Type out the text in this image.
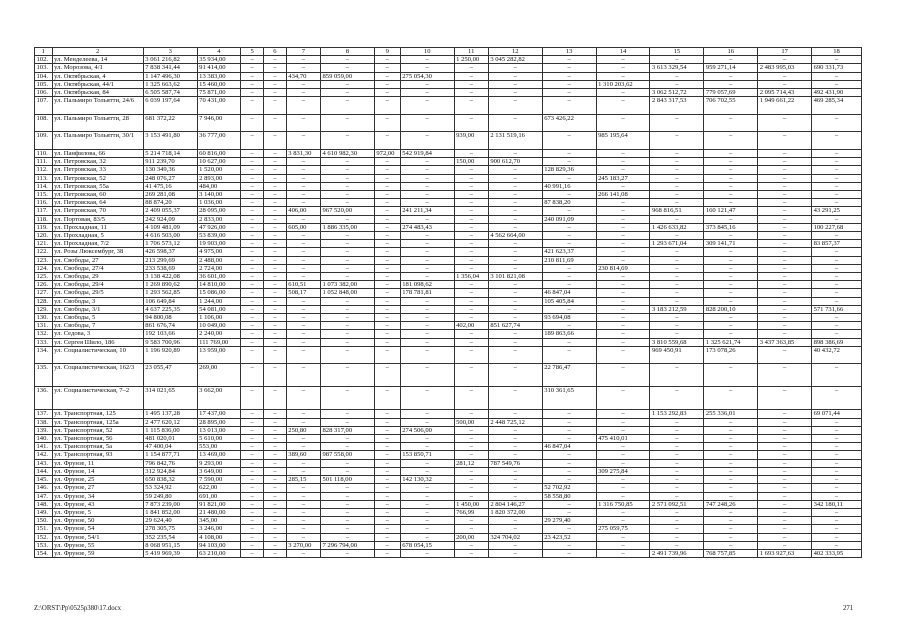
1	2	3	4	5	6	7	8	9	10	11	12	13	14	15	16	17	18
102.	ул. Менделеева, 14	3 061 216,82	35 934,00	–	–	–	–	–	–	1 250,00	3 045 282,82	–	–	–	–	–	–
103.	ул. Морозова, 4/1	7 838 341,44	91 414,00	–	–	–	–	–	–	–	–	–	–	3 613 329,54	959 271,14	2 483 995,03	690 331,73
104.	ул. Октябрьская, 4	1 147 496,30	13 383,00	–	–	434,70	859 059,00	–	275 054,30	–	–	–	–	–	–	–	–
105.	ул. Октябрьская, 44/1	1 325 663,62	15 460,00	–	–	–	–	–	–	–	–	–	1 310 203,62	–	–	–	–
106.	ул. Октябрьская, 84	6 505 587,74	75 871,00	–	–	–	–	–	–	–	–	–	–	3 062 512,72	779 057,69	2 095 714,43	492 431,90
107.	ул. Пальмиро Тольятти, 24/6	6 039 197,64	70 431,00	–	–	–	–	–	–	–	–	–	–	2 843 317,53	706 702,55	1 949 661,22	469 285,34
108.	ул. Пальмиро Тольятти, 28	681 372,22	7 946,00	–	–	–	–	–	–	–	–	673 426,22	–	–	–	–	–
109.	ул. Пальмиро Тольятти, 30/1	3 153 491,80	36 777,00	–	–	–	–	–	–	939,00	2 131 519,16	–	985 195,64	–	–	–	–
110.	ул. Панфилова, 66	5 214 718,14	60 816,00	–	–	3 831,30	4 610 982,30	972,00	542 919,84	–	–	–	–	–	–	–	–
111.	ул. Петровская, 32	911 239,70	10 627,00	–	–	–	–	–	–	150,00	900 612,70	–	–	–	–	–	–
112.	ул. Петровская, 33	130 349,36	1 520,00	–	–	–	–	–	–	–	–	128 829,36	–	–	–	–	–
113.	ул. Петровская, 52	248 076,27	2 893,00	–	–	–	–	–	–	–	–	–	245 183,27	–	–	–	–
114.	ул. Петровская, 55а	41 475,16	484,00	–	–	–	–	–	–	–	–	40 991,16	–	–	–	–	–
115.	ул. Петровская, 60	269 281,08	3 140,00	–	–	–	–	–	–	–	–	–	266 141,08	–	–	–	–
116.	ул. Петровская, 64	88 874,20	1 036,00	–	–	–	–	–	–	–	–	87 838,20	–	–	–	–	–
117.	ул. Петровская, 70	2 409 055,37	28 095,00	–	–	406,00	967 520,00	–	241 211,34	–	–	–	–	968 816,51	160 121,47	–	43 291,25
118.	ул. Портовая, 83/5	242 924,09	2 833,00	–	–	–	–	–	–	–	–	240 091,09	–	–	–	–	–
119.	ул. Прохладная, 11	4 109 481,09	47 926,00	–	–	605,00	1 886 335,00	–	274 483,43	–	–	–	–	1 426 633,82	373 845,16	–	100 227,68
120.	ул. Прохладная, 5	4 616 503,00	53 839,00	–	–	–	–	–	–	–	4 562 664,00	–	–	–	–	–	–
121.	ул. Прохладная, 7/2	1 706 573,12	19 903,00	–	–	–	–	–	–	–	–	–	–	1 293 671,04	309 141,71	–	83 857,37
122.	ул. Розы Люксембург, 38	426 598,37	4 975,00	–	–	–	–	–	–	–	–	421 623,37	–	–	–	–	–
123.	ул. Свободы, 27	213 299,69	2 488,00	–	–	–	–	–	–	–	–	210 811,69	–	–	–	–	–
124.	ул. Свободы, 27/4	233 538,69	2 724,00	–	–	–	–	–	–	–	–	–	230 814,69	–	–	–	–
125.	ул. Свободы, 29	3 138 422,08	36 601,00	–	–	–	–	–	–	1 356,04	3 101 821,08	–	–	–	–	–	–
126.	ул. Свободы, 29/4	1 269 890,62	14 810,00	–	–	610,51	1 073 382,00	–	181 098,62	–	–	–	–	–	–	–	–
127.	ул. Свободы, 29/5	1 293 562,85	15 086,00	–	–	508,17	1 052 848,00	–	178 781,81	–	–	46 847,04	–	–	–	–	–
128.	ул. Свободы, 3	106 649,84	1 244,00	–	–	–	–	–	–	–	–	105 405,84	–	–	–	–	–
129.	ул. Свободы, 3/1	4 637 225,35	54 081,00	–	–	–	–	–	–	–	–	–	–	3 183 212,59	828 200,10	–	571 731,66
130.	ул. Свободы, 5	94 800,08	1 106,00	–	–	–	–	–	–	–	–	93 694,08	–	–	–	–	–
131.	ул. Свободы, 7	861 676,74	10 049,00	–	–	–	–	–	–	402,00	851 627,74	–	–	–	–	–	–
132.	ул. Седова, 3	192 103,66	2 240,00	–	–	–	–	–	–	–	–	189 863,66	–	–	–	–	–
133.	ул. Сергея Шило, 186	9 583 700,96	111 769,00	–	–	–	–	–	–	–	–	–	–	3 810 559,68	1 325 621,74	3 437 363,85	898 386,69
134.	ул. Социалистическая, 10	1 196 920,89	13 959,00	–	–	–	–	–	–	–	–	–	–	969 450,91	173 078,26	–	40 432,72
135.	ул. Социалистическая, 162/3	23 055,47	269,00	–	–	–	–	–	–	–	–	22 786,47	–	–	–	–	–
136.	ул. Социалистическая, 7–2	314 021,65	3 662,00	–	–	–	–	–	–	–	–	310 361,65	–	–	–	–	–
137.	ул. Транспортная, 125	1 495 137,28	17 437,00	–	–	–	–	–	–	–	–	–	–	1 153 292,83	255 336,01	–	69 071,44
138.	ул. Транспортная, 125а	2 477 620,12	28 895,00	–	–	–	–	–	–	500,00	2 448 725,12	–	–	–	–	–	–
139.	ул. Транспортная, 52	1 115 836,00	13 013,00	–	–	250,80	828 317,00	–	274 506,00	–	–	–	–	–	–	–	–
140.	ул. Транспортная, 56	481 020,01	5 610,00	–	–	–	–	–	–	–	–	–	475 410,01	–	–	–	–
141.	ул. Транспортная, 5а	47 400,04	553,00	–	–	–	–	–	–	–	–	46 847,04	–	–	–	–	–
142.	ул. Транспортная, 93	1 154 877,71	13 469,00	–	–	389,60	987 558,00	–	153 850,71	–	–	–	–	–	–	–	–
143.	ул. Фрунзе, 11	796 842,76	9 293,00	–	–	–	–	–	–	281,12	787 549,76	–	–	–	–	–	–
144.	ул. Фрунзе, 14	312 924,84	3 649,00	–	–	–	–	–	–	–	–	–	309 275,84	–	–	–	–
145.	ул. Фрунзе, 25	650 838,32	7 590,00	–	–	285,15	501 118,00	–	142 130,32	–	–	–	–	–	–	–	–
146.	ул. Фрунзе, 27	53 324,92	622,00	–	–	–	–	–	–	–	–	52 702,92	–	–	–	–	–
147.	ул. Фрунзе, 34	59 249,80	691,00	–	–	–	–	–	–	–	–	58 558,80	–	–	–	–	–
148.	ул. Фрунзе, 43	7 873 239,00	91 821,00	–	–	–	–	–	–	1 450,00	2 804 146,27	–	1 316 750,85	2 571 092,51	747 248,26	–	342 180,11
149.	ул. Фрунзе, 5	1 841 852,00	21 480,00	–	–	–	–	–	–	766,99	1 820 372,00	–	–	–	–	–	–
150.	ул. Фрунзе, 50	29 624,40	345,00	–	–	–	–	–	–	–	–	29 279,40	–	–	–	–	–
151.	ул. Фрунзе, 54	278 305,75	3 246,00	–	–	–	–	–	–	–	–	–	275 059,75	–	–	–	–
152.	ул. Фрунзе, 54/1	352 235,54	4 108,00	–	–	–	–	–	–	200,00	324 704,02	23 423,52	–	–	–	–	–
153.	ул. Фрунзе, 55	8 068 951,15	94 103,00	–	–	3 270,00	7 296 794,00	–	678 054,15	–	–	–	–	–	–	–	–
154.	ул. Фрунзе, 59	5 419 969,39	63 210,00	–	–	–	–	–	–	–	–	–	–	2 491 739,96	768 757,85	1 693 927,63	402 333,95
Z:\ORST\Pp\0525p380\17.docx	271
